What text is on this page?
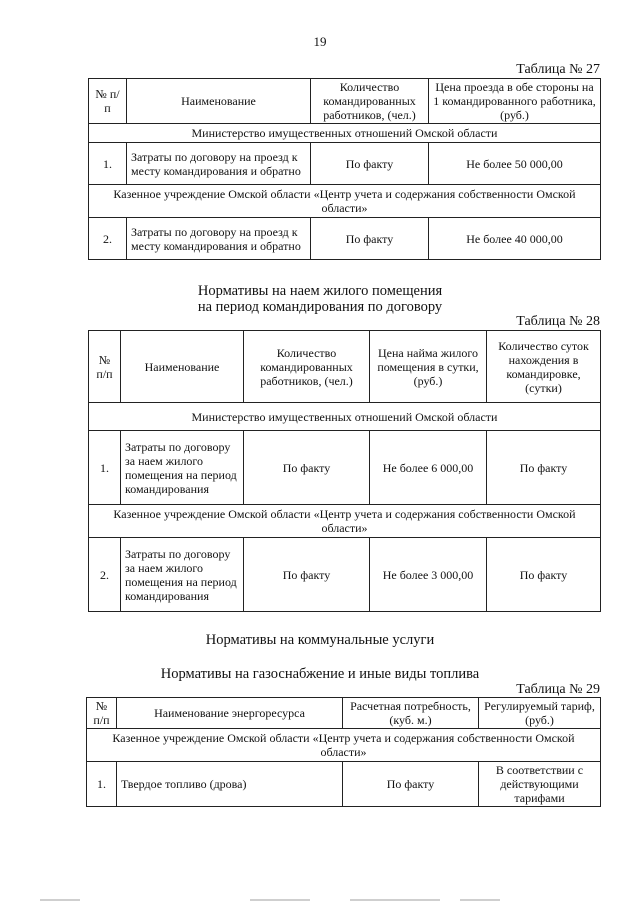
19
Таблица № 27
№ п/п	Наименование	Количество командированных работников, (чел.)	Цена проезда в обе стороны на 1 командированного работника, (руб.)
Министерство имущественных отношений Омской области			
1.	Затраты по договору на проезд к месту командирования и обратно	По факту	Не более 50 000,00
Казенное учреждение Омской области «Центр учета и содержания собственности Омской области»			
2.	Затраты по договору на проезд к месту командирования и обратно	По факту	Не более 40 000,00
Нормативы на наем жилого помещения
на период командирования по договору
Таблица № 28
№ п/п	Наименование	Количество командированных работников, (чел.)	Цена найма жилого помещения в сутки, (руб.)	Количество суток нахождения в командировке, (сутки)
Министерство имущественных отношений Омской области				
1.	Затраты по договору за наем жилого помещения на период командирования	По факту	Не более 6 000,00	По факту
Казенное учреждение Омской области «Центр учета и содержания собственности Омской области»				
2.	Затраты по договору за наем жилого помещения на период командирования	По факту	Не более 3 000,00	По факту
Нормативы на коммунальные услуги
Нормативы на газоснабжение и иные виды топлива
Таблица № 29
№ п/п	Наименование энергоресурса	Расчетная потребность, (куб. м.)	Регулируемый тариф, (руб.)
Казенное учреждение Омской области «Центр учета и содержания собственности Омской области»			
1.	Твердое топливо (дрова)	По факту	В соответствии с действующими тарифами
